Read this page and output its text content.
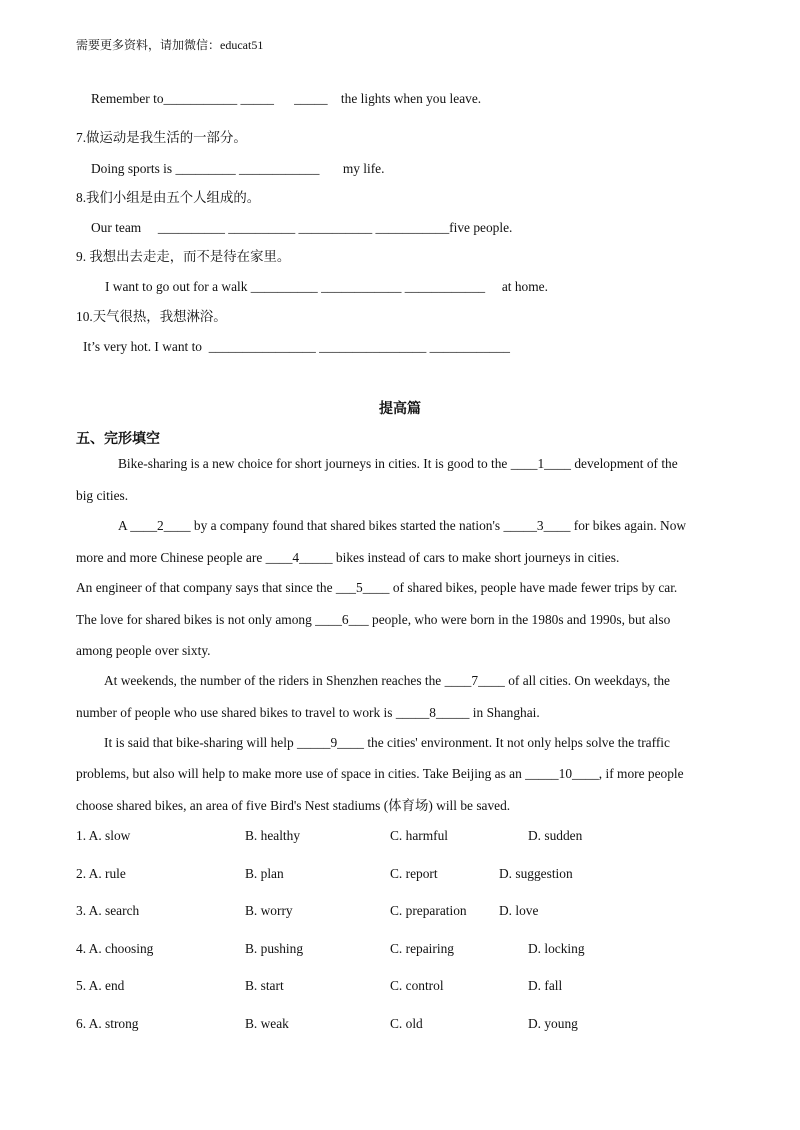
需要更多资料，请加微信：educat51
Remember to___________ _____      _____    the lights when you leave.
7.做运动是我生活的一部分。
Doing sports is _________ ____________       my life.
8.我们小组是由五个人组成的。
Our team     __________ __________ ___________ ___________five people.
9. 我想出去走走，而不是待在家里。
I want to go out for a walk __________ ____________ ____________     at home.
10.天气很热，我想淋浴。
It’s very hot. I want to  ________________ ________________ ____________
提高篇
五、完形填空
Bike-sharing is a new choice for short journeys in cities. It is good to the ____1____ development of the
big cities.
A ____2____ by a company found that shared bikes started the nation's _____3____ for bikes again. Now
more and more Chinese people are ____4_____ bikes instead of cars to make short journeys in cities.
An engineer of that company says that since the ___5____ of shared bikes, people have made fewer trips by car.
The love for shared bikes is not only among ____6___ people, who were born in the 1980s and 1990s, but also
among people over sixty.
At weekends, the number of the riders in Shenzhen reaches the ____7____ of all cities. On weekdays, the
number of people who use shared bikes to travel to work is _____8_____ in Shanghai.
It is said that bike-sharing will help _____9____ the cities' environment. It not only helps solve the traffic
problems, but also will help to make more use of space in cities. Take Beijing as an _____10____, if more people
choose shared bikes, an area of five Bird's Nest stadiums (体育场) will be saved.
1. A. slow	B. healthy	C. harmful	D. sudden
2. A. rule	B. plan	C. report	D. suggestion
3. A. search	B. worry	C. preparation D. love
4. A. choosing	B. pushing	C. repairing	D. locking
5. A. end	B. start	C. control	D. fall
6. A. strong	B. weak	C. old	D. young
